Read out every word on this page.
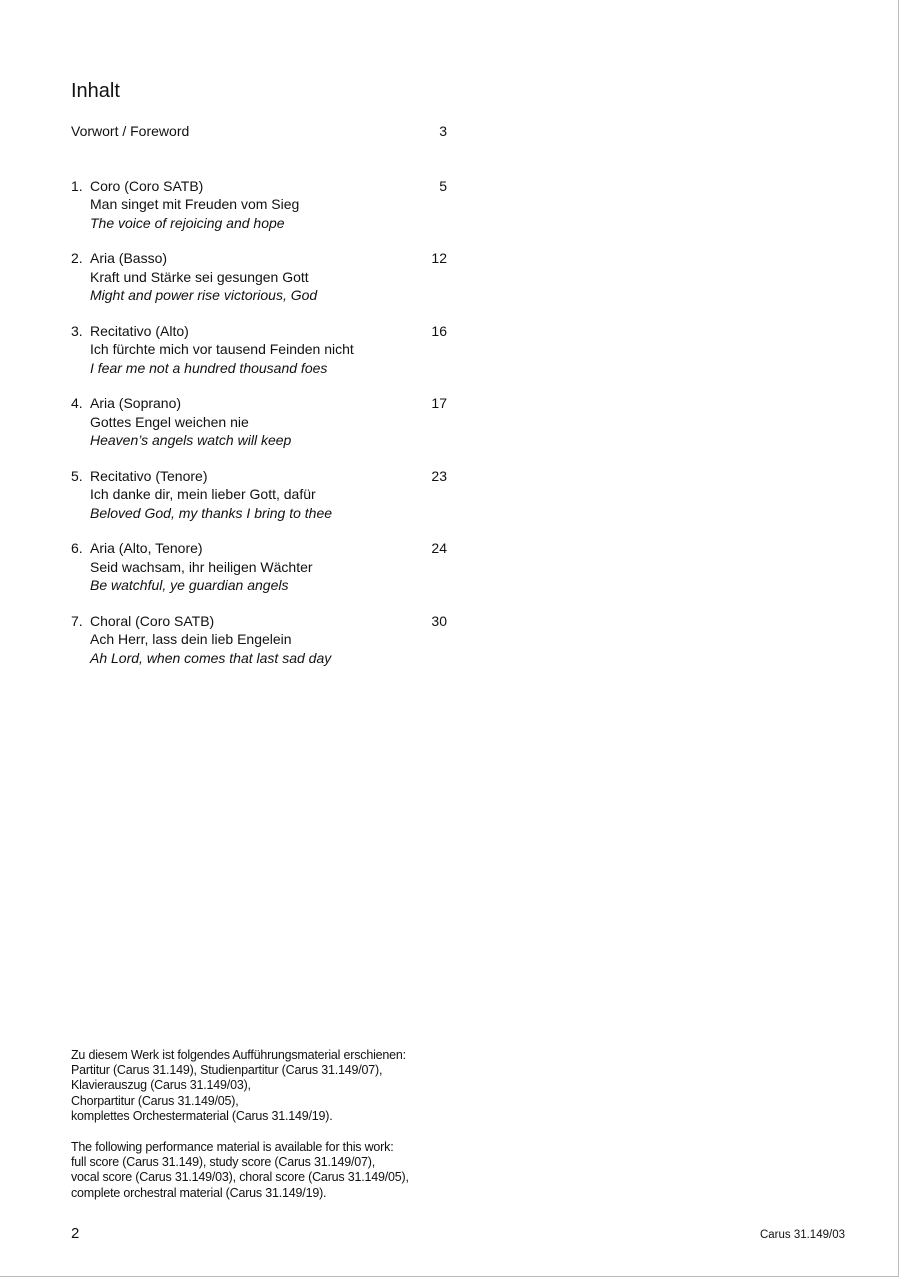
Inhalt
Vorwort / Foreword	3
1. Coro (Coro SATB)
Man singet mit Freuden vom Sieg
The voice of rejoicing and hope
5
2. Aria (Basso)
Kraft und Stärke sei gesungen Gott
Might and power rise victorious, God
12
3. Recitativo (Alto)
Ich fürchte mich vor tausend Feinden nicht
I fear me not a hundred thousand foes
16
4. Aria (Soprano)
Gottes Engel weichen nie
Heaven’s angels watch will keep
17
5. Recitativo (Tenore)
Ich danke dir, mein lieber Gott, dafür
Beloved God, my thanks I bring to thee
23
6. Aria (Alto, Tenore)
Seid wachsam, ihr heiligen Wächter
Be watchful, ye guardian angels
24
7. Choral (Coro SATB)
Ach Herr, lass dein lieb Engelein
Ah Lord, when comes that last sad day
30
Zu diesem Werk ist folgendes Aufführungsmaterial erschienen:
Partitur (Carus 31.149), Studienpartitur (Carus 31.149/07),
Klavierauszug (Carus 31.149/03),
Chorpartitur (Carus 31.149/05),
komplettes Orchestermaterial (Carus 31.149/19).
The following performance material is available for this work:
full score (Carus 31.149), study score (Carus 31.149/07),
vocal score (Carus 31.149/03), choral score (Carus 31.149/05),
complete orchestral material (Carus 31.149/19).
2	Carus 31.149/03
